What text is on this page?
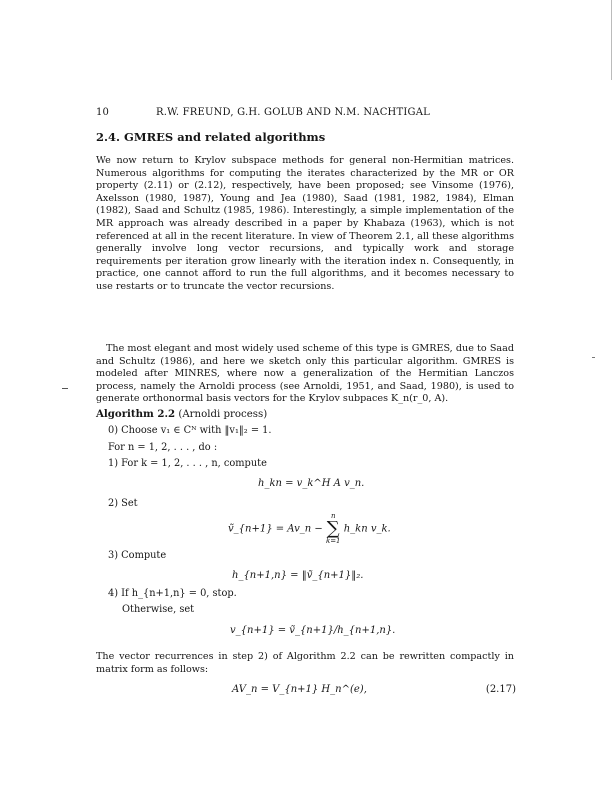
10	R.W. FREUND, G.H. GOLUB AND N.M. NACHTIGAL
2.4. GMRES and related algorithms
We now return to Krylov subspace methods for general non-Hermitian matrices. Numerous algorithms for computing the iterates characterized by the MR or OR property (2.11) or (2.12), respectively, have been proposed; see Vinsome (1976), Axelsson (1980, 1987), Young and Jea (1980), Saad (1981, 1982, 1984), Elman (1982), Saad and Schultz (1985, 1986). Interestingly, a simple implementation of the MR approach was already described in a paper by Khabaza (1963), which is not referenced at all in the recent literature. In view of Theorem 2.1, all these algorithms generally involve long vector recursions, and typically work and storage requirements per iteration grow linearly with the iteration index n. Consequently, in practice, one cannot afford to run the full algorithms, and it becomes necessary to use restarts or to truncate the vector recursions.
The most elegant and most widely used scheme of this type is GMRES, due to Saad and Schultz (1986), and here we sketch only this particular algorithm. GMRES is modeled after MINRES, where now a generalization of the Hermitian Lanczos process, namely the Arnoldi process (see Arnoldi, 1951, and Saad, 1980), is used to generate orthonormal basis vectors for the Krylov subpaces K_n(r_0, A).
Algorithm 2.2 (Arnoldi process)
0) Choose v₁ ∈ Cᴺ with ‖v₁‖₂ = 1.
For n = 1, 2, . . . , do :
1) For k = 1, 2, . . . , n, compute
h_kn = v_k^H A v_n.
2) Set
ṽ_{n+1} = Av_n −
n
∑
k=1
h_kn v_k.
3) Compute
h_{n+1,n} = ‖ṽ_{n+1}‖₂.
4) If h_{n+1,n} = 0, stop.
Otherwise, set
v_{n+1} = ṽ_{n+1}/h_{n+1,n}.
The vector recurrences in step 2) of Algorithm 2.2 can be rewritten compactly in matrix form as follows:
AV_n = V_{n+1} H_n^(e),	(2.17)
